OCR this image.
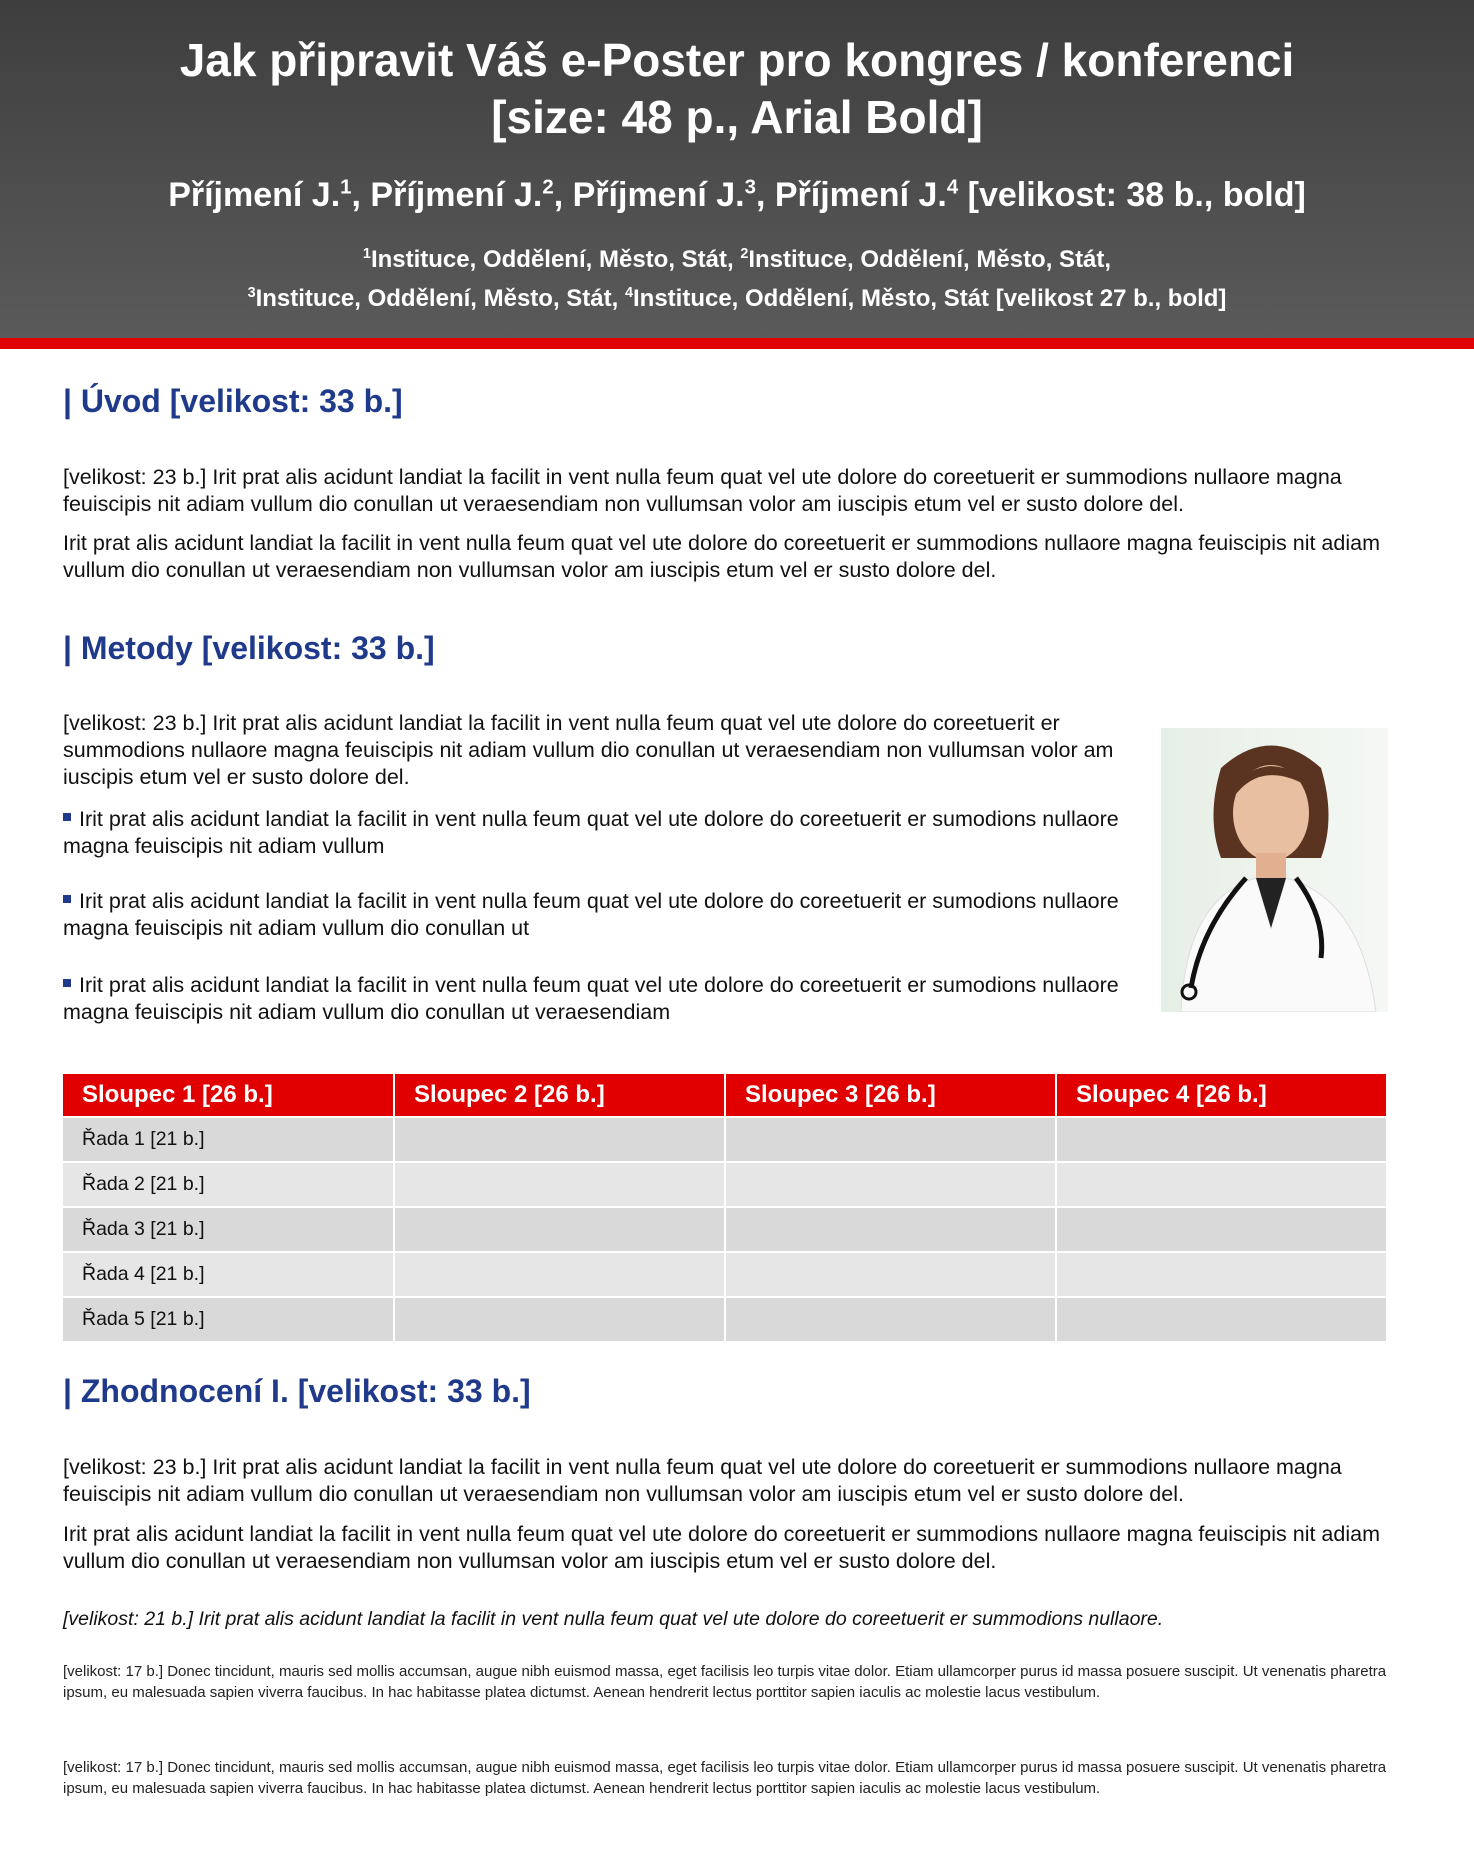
Jak připravit Váš e-Poster pro kongres / konferenci
[size: 48 p., Arial Bold]
Příjmení J.$^1$, Příjmení J.$^2$, Příjmení J.$^3$, Příjmení J.$^4$ [velikost: 38 b., bold]
$^1$Instituce, Oddělení, Město, Stát, $^2$Instituce, Oddělení, Město, Stát,
$^3$Instituce, Oddělení, Město, Stát, $^4$Instituce, Oddělení, Město, Stát [velikost 27 b., bold]
| Úvod [velikost: 33 b.]
[velikost: 23 b.] Irit prat alis acidunt landiat la facilit in vent nulla feum quat vel ute dolore do coreetuerit er summodions nullaore magna feuiscipis nit adiam vullum dio conullan ut veraesendiam non vullumsan volor am iuscipis etum vel er susto dolore del.
Irit prat alis acidunt landiat la facilit in vent nulla feum quat vel ute dolore do coreetuerit er summodions nullaore magna feuiscipis nit adiam vullum dio conullan ut veraesendiam non vullumsan volor am iuscipis etum vel er susto dolore del.
| Metody [velikost: 33 b.]
[velikost: 23 b.] Irit prat alis acidunt landiat la facilit in vent nulla feum quat vel ute dolore do coreetuerit er summodions nullaore magna feuiscipis nit adiam vullum dio conullan ut veraesendiam non vullumsan volor am iuscipis etum vel er susto dolore del.
Irit prat alis acidunt landiat la facilit in vent nulla feum quat vel ute dolore do coreetuerit er sumodions nullaore magna feuiscipis nit adiam vullum
Irit prat alis acidunt landiat la facilit in vent nulla feum quat vel ute dolore do coreetuerit er sumodions nullaore magna feuiscipis nit adiam vullum dio conullan ut
Irit prat alis acidunt landiat la facilit in vent nulla feum quat vel ute dolore do coreetuerit er sumodions nullaore magna feuiscipis nit adiam vullum dio conullan ut veraesendiam
Sloupec 1 [26 b.]	Sloupec 2 [26 b.]	Sloupec 3 [26 b.]	Sloupec 4 [26 b.]
Řada 1 [21 b.]			
Řada 2 [21 b.]			
Řada 3 [21 b.]			
Řada 4 [21 b.]			
Řada 5 [21 b.]			
| Zhodnocení I. [velikost: 33 b.]
[velikost: 23 b.] Irit prat alis acidunt landiat la facilit in vent nulla feum quat vel ute dolore do coreetuerit er summodions nullaore magna feuiscipis nit adiam vullum dio conullan ut veraesendiam non vullumsan volor am iuscipis etum vel er susto dolore del.
Irit prat alis acidunt landiat la facilit in vent nulla feum quat vel ute dolore do coreetuerit er summodions nullaore magna feuiscipis nit adiam vullum dio conullan ut veraesendiam non vullumsan volor am iuscipis etum vel er susto dolore del.
[velikost: 21 b.] Irit prat alis acidunt landiat la facilit in vent nulla feum quat vel ute dolore do coreetuerit er summodions nullaore.
[velikost: 17 b.] Donec tincidunt, mauris sed mollis accumsan, augue nibh euismod massa, eget facilisis leo turpis vitae dolor. Etiam ullamcorper purus id massa posuere suscipit. Ut venenatis pharetra ipsum, eu malesuada sapien viverra faucibus. In hac habitasse platea dictumst. Aenean hendrerit lectus porttitor sapien iaculis ac molestie lacus vestibulum.
[velikost: 17 b.] Donec tincidunt, mauris sed mollis accumsan, augue nibh euismod massa, eget facilisis leo turpis vitae dolor. Etiam ullamcorper purus id massa posuere suscipit. Ut venenatis pharetra ipsum, eu malesuada sapien viverra faucibus. In hac habitasse platea dictumst. Aenean hendrerit lectus porttitor sapien iaculis ac molestie lacus vestibulum.
